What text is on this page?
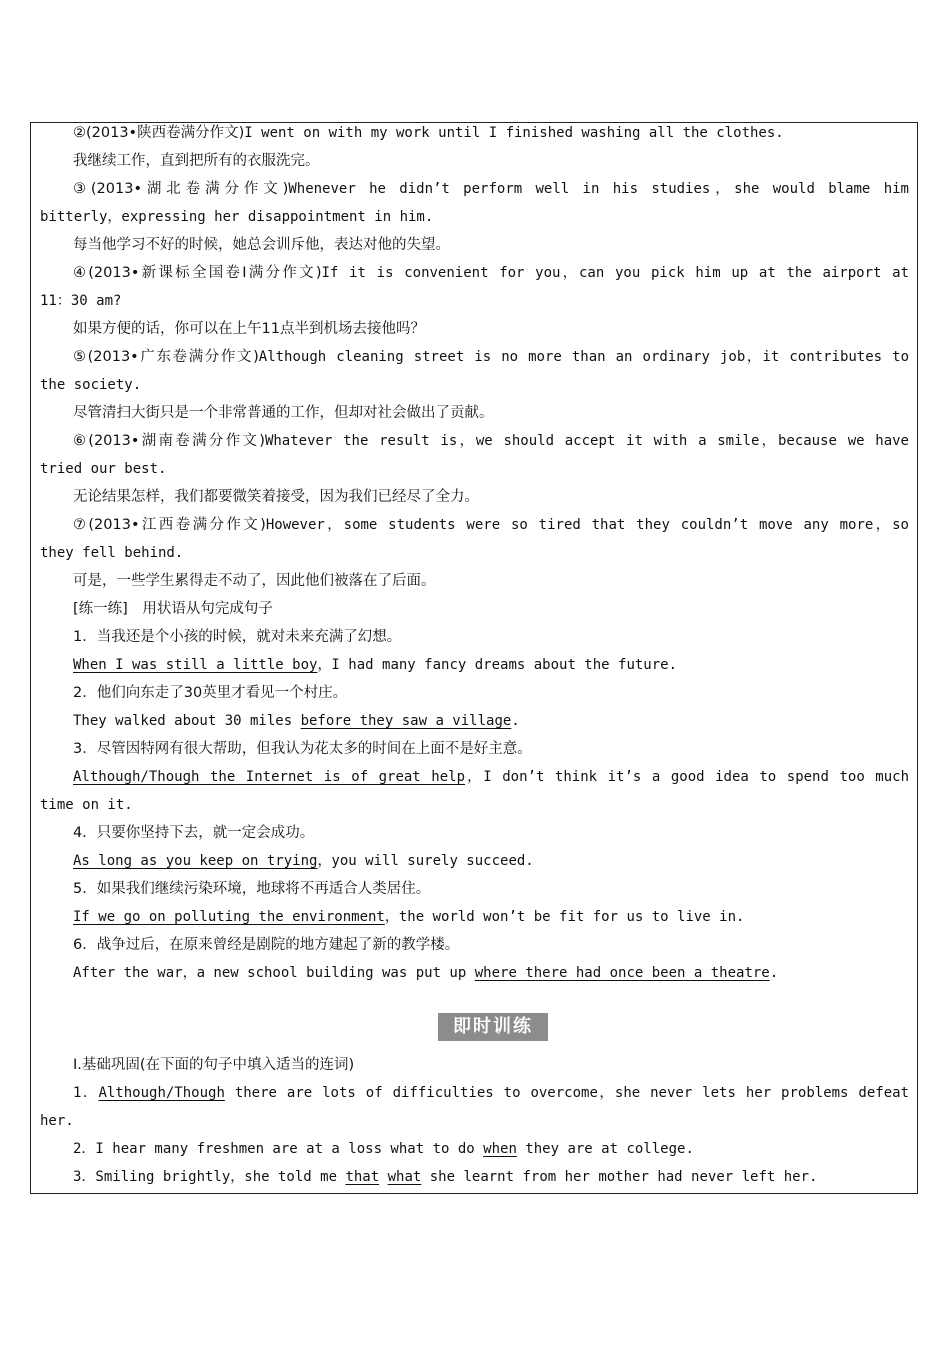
②(2013•陕西卷满分作文)I went on with my work until I finished washing all the clothes.
我继续工作，直到把所有的衣服洗完。
③(2013•湖北卷满分作文)Whenever he didn’t perform well in his studies，she would blame him
bitterly，expressing her disappointment in him.
每当他学习不好的时候，她总会训斥他，表达对他的失望。
④(2013•新课标全国卷Ⅰ满分作文)If it is convenient for you，can you pick him up at the airport at
11：30 am?
如果方便的话，你可以在上午11点半到机场去接他吗？
⑤(2013•广东卷满分作文)Although cleaning street is no more than an ordinary job，it contributes to
the society.
尽管清扫大街只是一个非常普通的工作，但却对社会做出了贡献。
⑥(2013•湖南卷满分作文)Whatever the result is，we should accept it with a smile，because we have
tried our best.
无论结果怎样，我们都要微笑着接受，因为我们已经尽了全力。
⑦(2013•江西卷满分作文)However，some students were so tired that they couldn’t move any more，so
they fell behind.
可是，一些学生累得走不动了，因此他们被落在了后面。
[练一练]　用状语从句完成句子
1．当我还是个小孩的时候，就对未来充满了幻想。
When I was still a little boy，I had many fancy dreams about the future.
2．他们向东走了30英里才看见一个村庄。
They walked about 30 miles before they saw a village.
3．尽管因特网有很大帮助，但我认为花太多的时间在上面不是好主意。
Although/Though the Internet is of great help，I don’t think it’s a good idea to spend too much
time on it.
4．只要你坚持下去，就一定会成功。
As long as you keep on trying，you will surely succeed.
5．如果我们继续污染环境，地球将不再适合人类居住。
If we go on polluting the environment，the world won’t be fit for us to live in.
6．战争过后，在原来曾经是剧院的地方建起了新的教学楼。
After the war，a new school building was put up where there had once been a theatre.
即时训练
Ⅰ.基础巩固(在下面的句子中填入适当的连词)
1．Although/Though there are lots of difficulties to overcome，she never lets her problems defeat
her.
2．I hear many freshmen are at a loss what to do when they are at college.
3．Smiling brightly，she told me that what she learnt from her mother had never left her.
